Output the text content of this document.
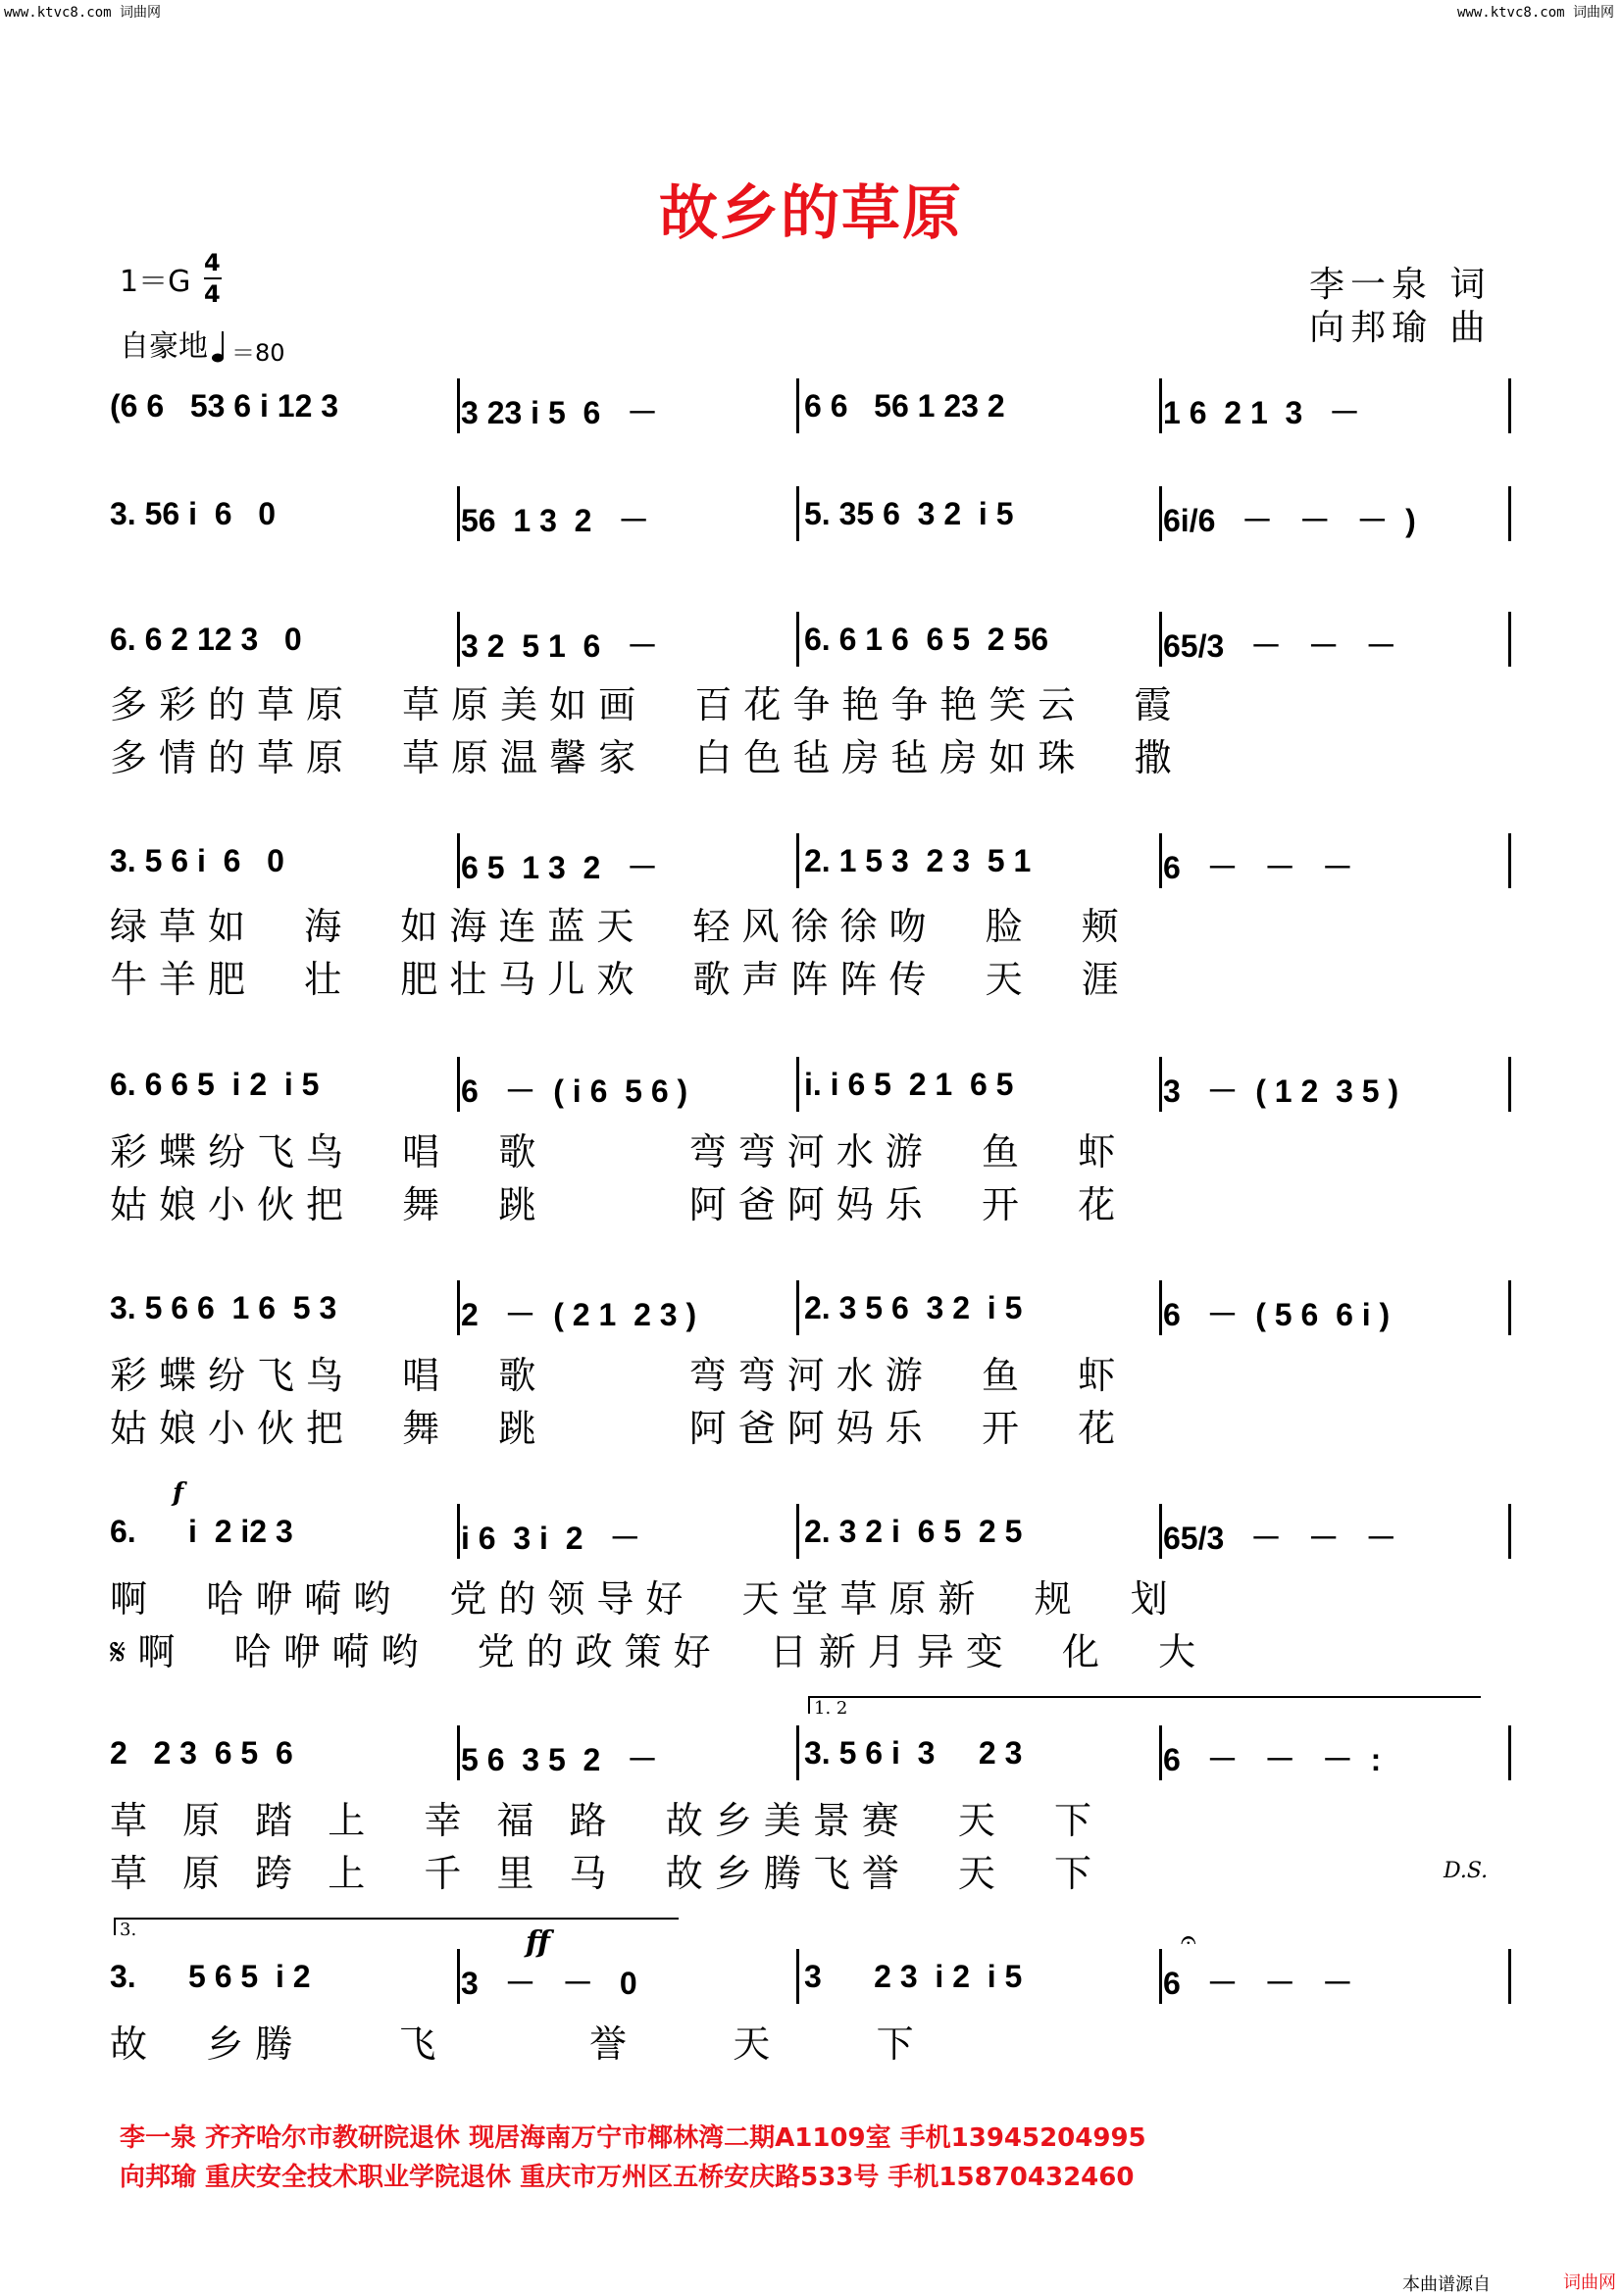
www.ktvc8.com 词曲网	www.ktvc8.com 词曲网
故乡的草原
1＝G
4
4
自豪地 ＝80
李一泉 词
向邦瑜 曲
(6 6   53 6 i 12 3	3 23 i 5  6   －	6 6   56 1 23 2	1 6  2 1  3   －
3. 56 i  6   0	56  1 3  2   －	5. 35 6  3 2  i 5	6i/6   －   －   －  )
6. 6 2 12 3   0	3 2  5 1  6   －	6. 6 1 6  6 5  2 56	65/3   －   －   －
3. 5 6 i  6   0	6 5  1 3  2   －	2. 1 5 3  2 3  5 1	6   －   －   －
6. 6 6 5  i 2  i 5	6   －  ( i 6  5 6 )	i. i 6 5  2 1  6 5	3   －  ( 1 2  3 5 )
3. 5 6 6  1 6  5 3	2   －  ( 2 1  2 3 )	2. 3 5 6  3 2  i 5	6   －  ( 5 6  6 i )
6.      i  2 i2 3	i 6  3 i  2   －	2. 3 2 i  6 5  2 5	65/3   －   －   －
2   2 3  6 5  6	5 6  3 5  2   －	3. 5 6 i  3     2 3	6   －   －   －  :
3.      5 6 5  i 2	3   －   －   0	3      2 3  i 2  i 5	6   －   －   －
多彩的草原  草原美如画  百花争艳争艳笑云  霞
多情的草原  草原温馨家  白色毡房毡房如珠  撒
绿草如  海  如海连蓝天  轻风徐徐吻  脸  颊
牛羊肥  壮  肥壮马儿欢  歌声阵阵传  天  涯
彩蝶纷飞鸟  唱  歌      弯弯河水游  鱼  虾
姑娘小伙把  舞  跳      阿爸阿妈乐  开  花
彩蝶纷飞鸟  唱  歌      弯弯河水游  鱼  虾
姑娘小伙把  舞  跳      阿爸阿妈乐  开  花
啊  哈咿嗬哟  党的领导好  天堂草原新  规  划
𝄋啊  哈咿嗬哟  党的政策好  日新月异变  化  大
草 原 踏 上  幸 福 路  故乡美景赛  天  下
草 原 跨 上  千 里 马  故乡腾飞誉  天  下
故  乡腾    飞      誉    天    下
f
ff
D.S.
1. 2
3.	𝄐
李一泉 齐齐哈尔市教研院退休 现居海南万宁市椰林湾二期A1109室 手机13945204995
向邦瑜 重庆安全技术职业学院退休 重庆市万州区五桥安庆路533号 手机15870432460
本曲谱源自	词曲网
